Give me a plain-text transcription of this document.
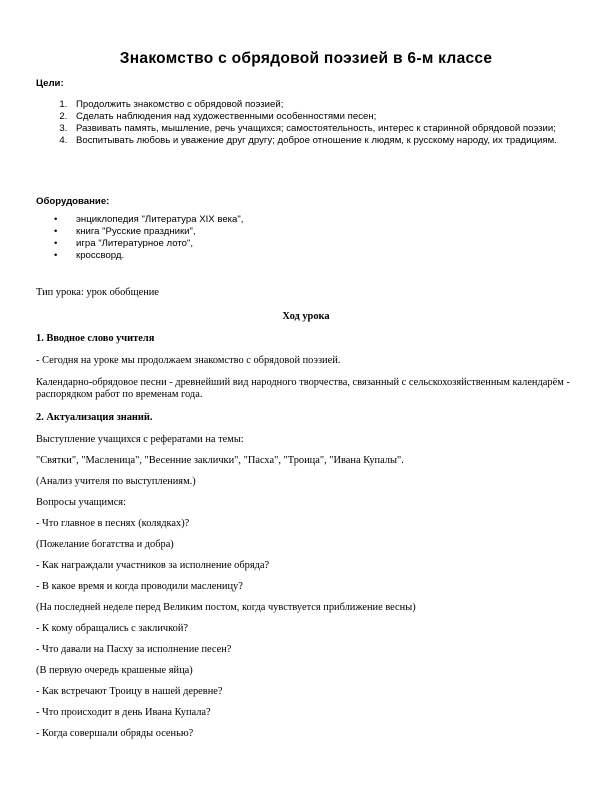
Знакомство с обрядовой поэзией в 6-м классе
Цели:
1. Продолжить знакомство с обрядовой поэзией;
2. Сделать наблюдения над художественными особенностями песен;
3. Развивать память, мышление, речь учащихся; самостоятельность, интерес к старинной обрядовой поэзии;
4. Воспитывать любовь и уважение друг другу; доброе отношение к людям, к русскому народу, их традициям.
Оборудование:
• энциклопедия "Литература XIX века",
• книга "Русские праздники",
• игра "Литературное лото",
• кроссворд.
Тип урока: урок обобщение
Ход урока
1. Вводное слово учителя
- Сегодня на уроке мы продолжаем знакомство с обрядовой поэзией.
Календарно-обрядовое песни - древнейший вид народного творчества, связанный с сельскохозяйственным календарём - распорядком работ по временам года.
2. Актуализация знаний.
Выступление учащихся с рефератами на темы:
"Святки", "Масленица", "Весенние заклички", "Пасха", "Троица", "Ивана Купалы".
(Анализ учителя по выступлениям.)
Вопросы учащимся:
- Что главное в песнях (колядках)?
(Пожелание богатства и добра)
- Как награждали участников за исполнение обряда?
- В какое время и когда проводили масленицу?
(На последней неделе перед Великим постом, когда чувствуется приближение весны)
- К кому обращались с закличкой?
- Что давали на Пасху за исполнение песен?
(В первую очередь крашеные яйца)
- Как встречают Троицу в нашей деревне?
- Что происходит в день Ивана Купала?
- Когда совершали обряды осенью?
